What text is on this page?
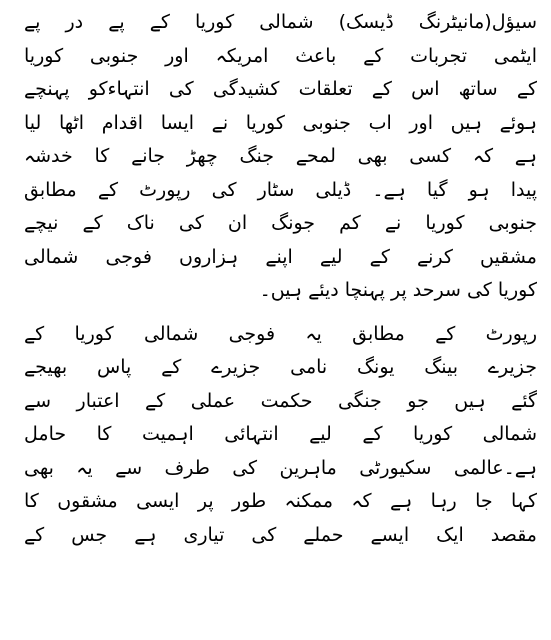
سیؤل(مانیٹرنگ ڈیسک) شمالی کوریا کے پے در پے
ایٹمی تجربات کے باعث امریکہ اور جنوبی کوریا
کے ساتھ اس کے تعلقات کشیدگی کی انتہاءکو پہنچے
ہوئے ہیں اور اب جنوبی کوریا نے ایسا اقدام اٹھا لیا
ہے کہ کسی بھی لمحے جنگ چھڑ جانے کا خدشہ
پیدا ہو گیا ہے۔ ڈیلی سٹار کی رپورٹ کے مطابق
جنوبی کوریا نے کم جونگ ان کی ناک کے نیچے
مشقیں کرنے کے لیے اپنے ہزاروں فوجی شمالی
کوریا کی سرحد پر پہنچا دیئے ہیں۔
رپورٹ کے مطابق یہ فوجی شمالی کوریا کے
جزیرے بینگ یونگ نامی جزیرے کے پاس بھیجے
گئے ہیں جو جنگی حکمت عملی کے اعتبار سے
شمالی کوریا کے لیے انتہائی اہمیت کا حامل
ہے۔عالمی سکیورٹی ماہرین کی طرف سے یہ بھی
کہا جا رہا ہے کہ ممکنہ طور پر ایسی مشقوں کا
مقصد ایک ایسے حملے کی تیاری ہے جس کے
